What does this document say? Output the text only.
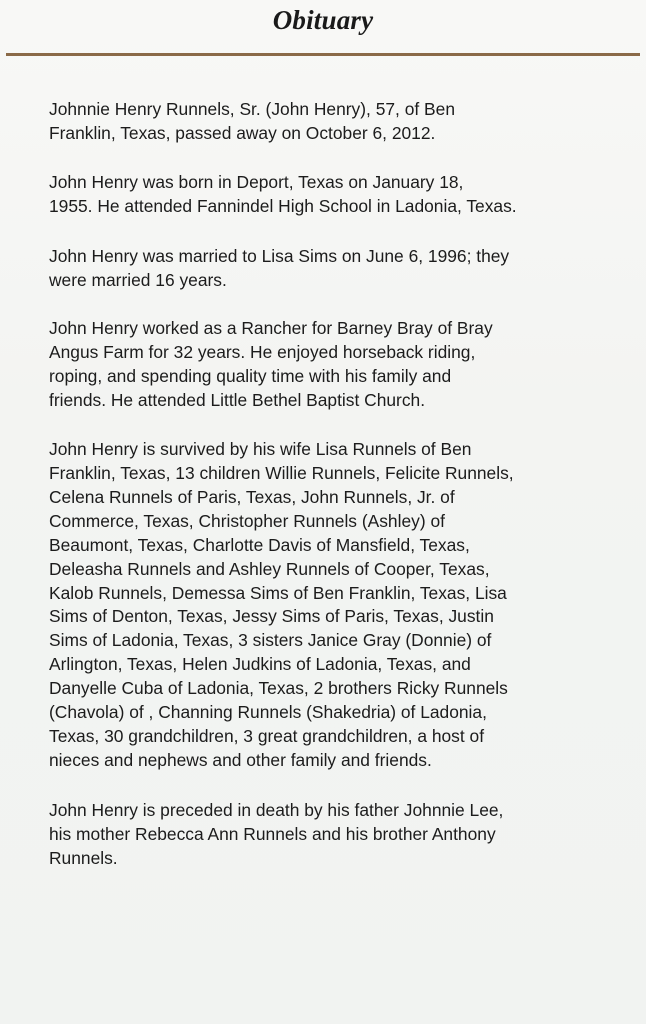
Obituary

Johnnie Henry Runnels, Sr. (John Henry), 57, of Ben
Franklin, Texas, passed away on October 6, 2012.

John Henry was born in Deport, Texas on January 18,
1955. He attended Fannindel High School in Ladonia, Texas.

John Henry was married to Lisa Sims on June 6, 1996; they
were married 16 years.

John Henry worked as a Rancher for Barney Bray of Bray
Angus Farm for 32 years. He enjoyed horseback riding,
roping, and spending quality time with his family and
friends. He attended Little Bethel Baptist Church.

John Henry is survived by his wife Lisa Runnels of Ben
Franklin, Texas, 13 children Willie Runnels, Felicite Runnels,
Celena Runnels of Paris, Texas, John Runnels, Jr. of
Commerce, Texas, Christopher Runnels (Ashley) of
Beaumont, Texas, Charlotte Davis of Mansfield, Texas,
Deleasha Runnels and Ashley Runnels of Cooper, Texas,
Kalob Runnels, Demessa Sims of Ben Franklin, Texas, Lisa
Sims of Denton, Texas, Jessy Sims of Paris, Texas, Justin
Sims of Ladonia, Texas, 3 sisters Janice Gray (Donnie) of
Arlington, Texas, Helen Judkins of Ladonia, Texas, and
Danyelle Cuba of Ladonia, Texas, 2 brothers Ricky Runnels
(Chavola) of , Channing Runnels (Shakedria) of Ladonia,
Texas, 30 grandchildren, 3 great grandchildren, a host of
nieces and nephews and other family and friends.

John Henry is preceded in death by his father Johnnie Lee,
his mother Rebecca Ann Runnels and his brother Anthony
Runnels.
